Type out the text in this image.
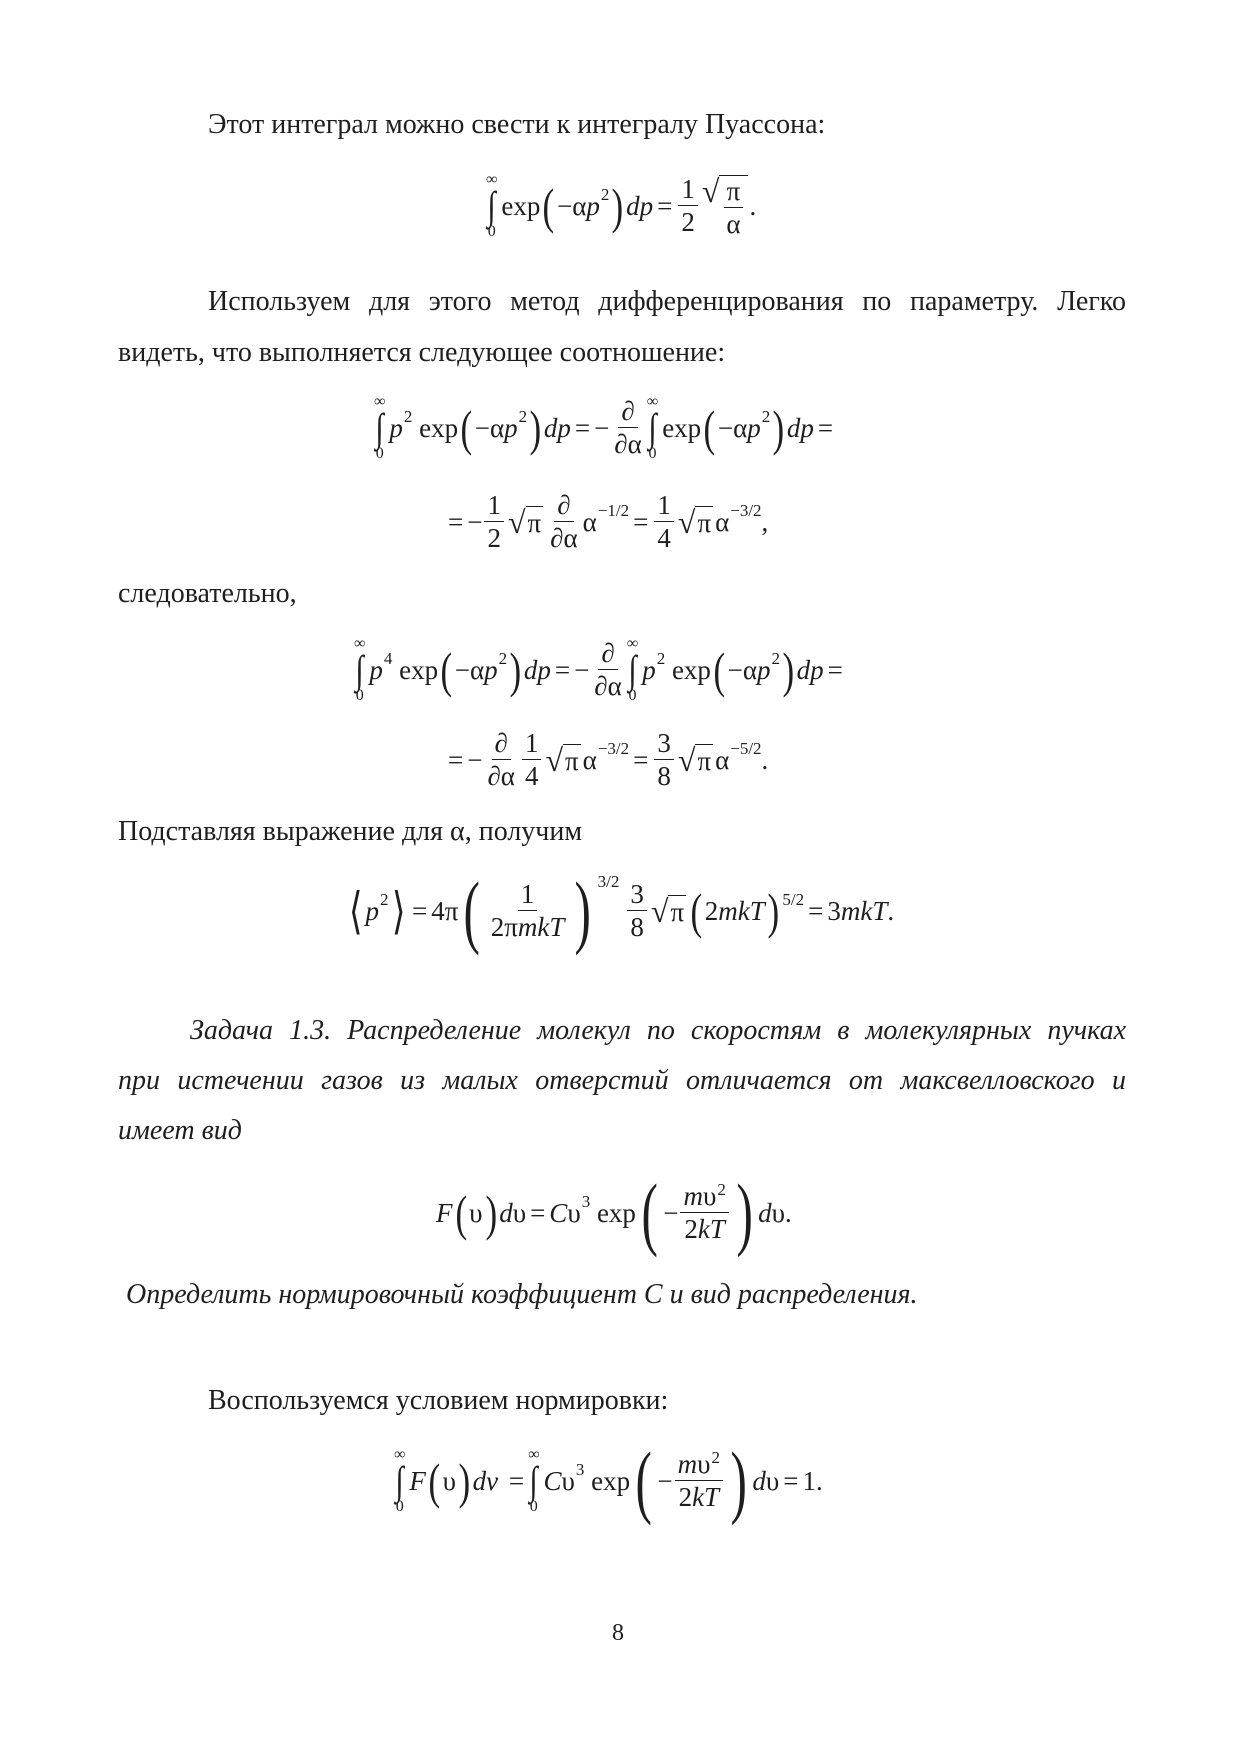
Этот интеграл можно свести к интегралу Пуассона:
∞
∫
0
exp ( −α p 2 ) dp = $\frac{1}{2}$ √ $\frac{\pi}{\alpha}$ .
Используем для этого метод дифференцирования по параметру. Легко
видеть, что выполняется следующее соотношение:
∞
∫
0
p 2 exp ( −α p 2 ) dp = − $\frac{\partial}{\partial\alpha}$ ∞
∫
0
exp ( −α p 2 ) dp =
= − $\frac{1}{2}$ √ π $\frac{\partial}{\partial\alpha}$ $\alpha -1/2 = \frac{1}{4}$ √ π α −3/2 ,
следовательно,
∞
∫
0
p 4 exp ( −α p 2 ) dp = − $\frac{\partial}{\partial\alpha}$ ∞
∫
0
p 2 exp ( −α p 2 ) dp =
= − $\frac{\partial}{\partial\alpha} \frac{1}{4}$ √ π $\alpha -3/2 = \frac{3}{8}$ √ π α −5/2 .
Подставляя выражение для α, получим
⟨ p 2 ⟩ = 4π ( $\frac{1}{\text{2πmkT}}$ ) $3/2 \frac{3}{8}$ √ π ( 2 mkT ) 5/2 = 3 mkT .
Задача 1.3. Распределение молекул по скоростям в молекулярных пучках
при истечении газов из малых отверстий отличается от максвелловского и
имеет вид
F ( υ ) d υ = C υ 3 exp ( − $\frac{m\upsilon^2}{2kT}$ ) d υ.
Определить нормировочный коэффициент С и вид распределения.
Воспользуемся условием нормировки:
∞
∫
0
F ( υ ) dv =
∞
∫
0
C υ 3 exp ( − $\frac{m\upsilon^2}{2kT}$ ) d υ = 1.
8
